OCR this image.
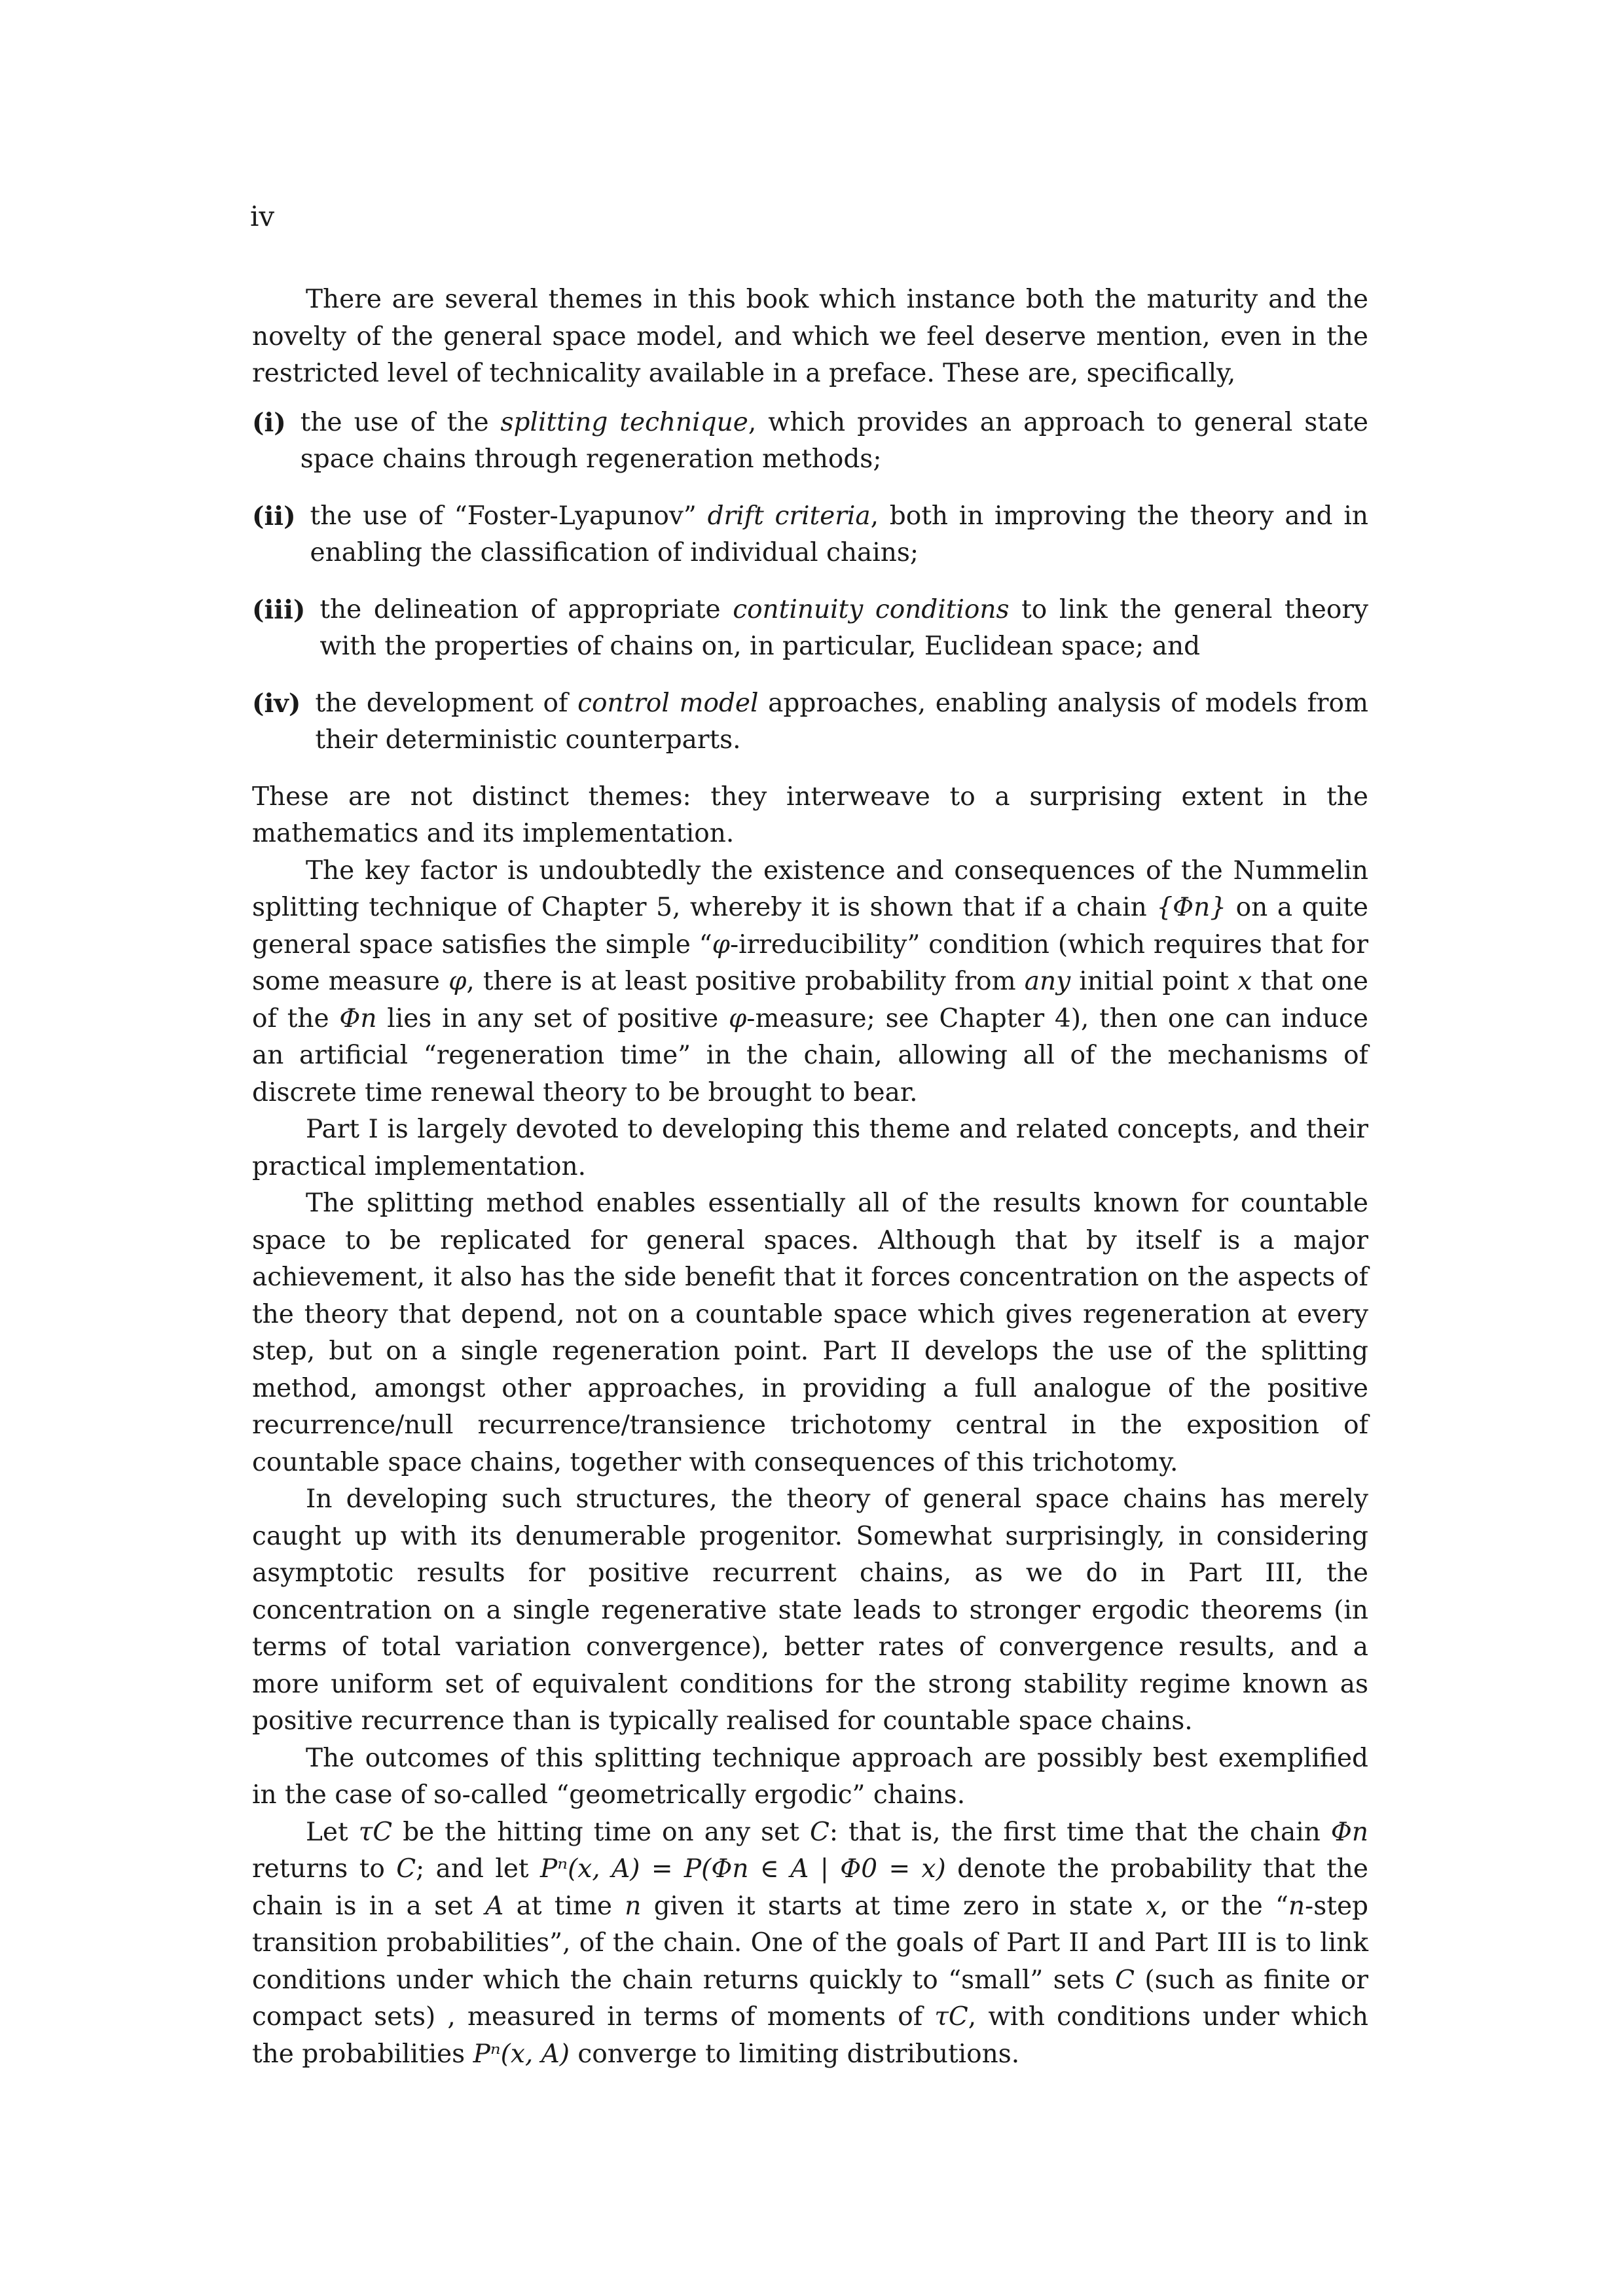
iv

There are several themes in this book which instance both the maturity and the novelty of the general space model, and which we feel deserve mention, even in the restricted level of technicality available in a preface. These are, specifically,

(i) the use of the splitting technique, which provides an approach to general state space chains through regeneration methods;
(ii) the use of “Foster-Lyapunov” drift criteria, both in improving the theory and in enabling the classification of individual chains;
(iii) the delineation of appropriate continuity conditions to link the general theory with the properties of chains on, in particular, Euclidean space; and
(iv) the development of control model approaches, enabling analysis of models from their deterministic counterparts.

These are not distinct themes: they interweave to a surprising extent in the mathematics and its implementation.

The key factor is undoubtedly the existence and consequences of the Nummelin splitting technique of Chapter 5, whereby it is shown that if a chain {Φn} on a quite general space satisfies the simple “φ-irreducibility” condition (which requires that for some measure φ, there is at least positive probability from any initial point x that one of the Φn lies in any set of positive φ-measure; see Chapter 4), then one can induce an artificial “regeneration time” in the chain, allowing all of the mechanisms of discrete time renewal theory to be brought to bear.

Part I is largely devoted to developing this theme and related concepts, and their practical implementation.

The splitting method enables essentially all of the results known for countable space to be replicated for general spaces. Although that by itself is a major achievement, it also has the side benefit that it forces concentration on the aspects of the theory that depend, not on a countable space which gives regeneration at every step, but on a single regeneration point. Part II develops the use of the splitting method, amongst other approaches, in providing a full analogue of the positive recurrence/null recurrence/transience trichotomy central in the exposition of countable space chains, together with consequences of this trichotomy.

In developing such structures, the theory of general space chains has merely caught up with its denumerable progenitor. Somewhat surprisingly, in considering asymptotic results for positive recurrent chains, as we do in Part III, the concentration on a single regenerative state leads to stronger ergodic theorems (in terms of total variation convergence), better rates of convergence results, and a more uniform set of equivalent conditions for the strong stability regime known as positive recurrence than is typically realised for countable space chains.

The outcomes of this splitting technique approach are possibly best exemplified in the case of so-called “geometrically ergodic” chains.

Let τC be the hitting time on any set C: that is, the first time that the chain Φn returns to C; and let Pⁿ(x, A) = P(Φn ∈ A | Φ0 = x) denote the probability that the chain is in a set A at time n given it starts at time zero in state x, or the “n-step transition probabilities”, of the chain. One of the goals of Part II and Part III is to link conditions under which the chain returns quickly to “small” sets C (such as finite or compact sets) , measured in terms of moments of τC, with conditions under which the probabilities Pⁿ(x, A) converge to limiting distributions.
